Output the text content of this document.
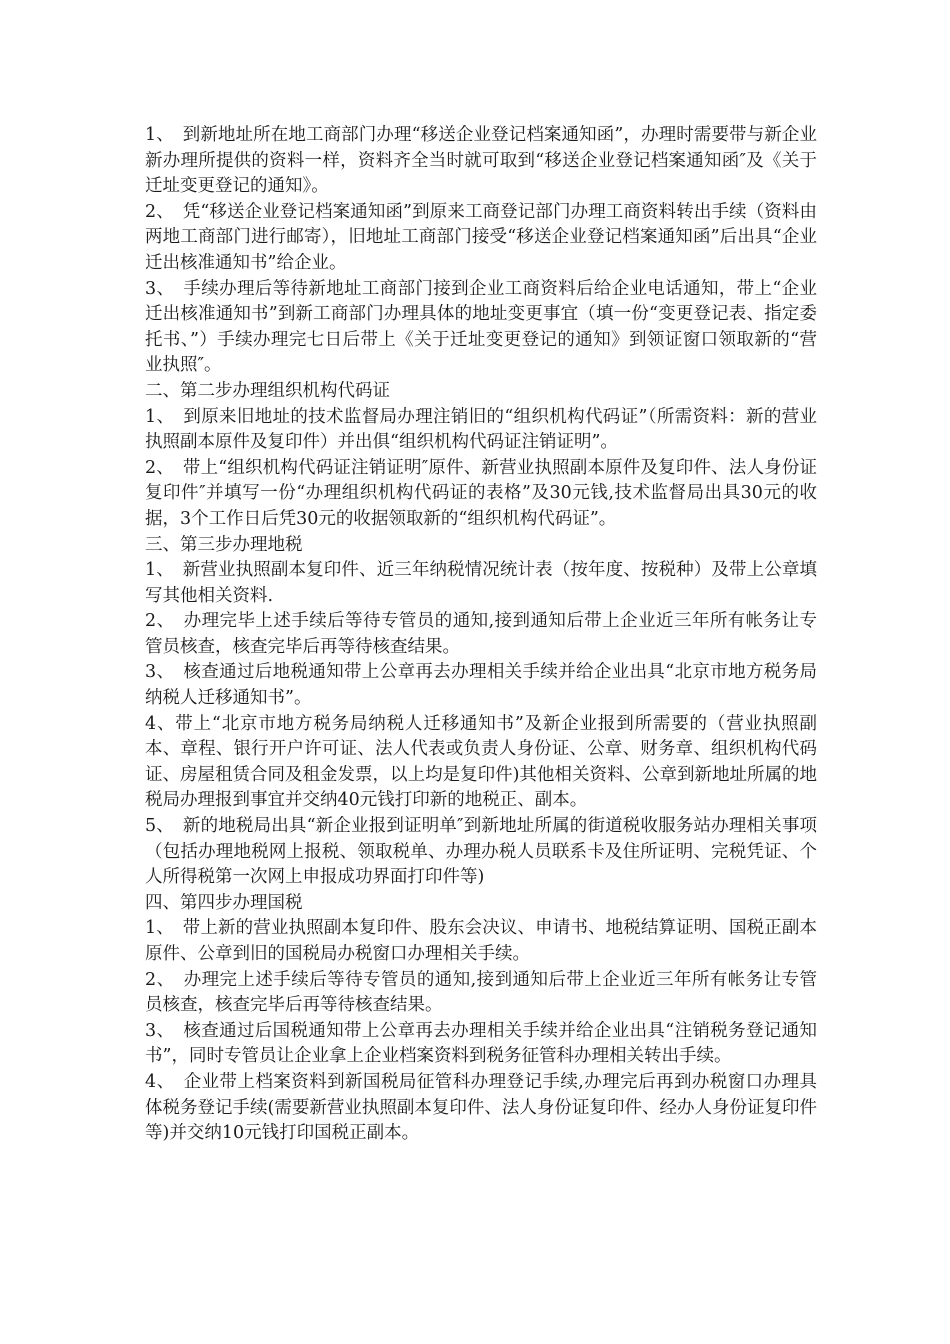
1、　到新地址所在地工商部门办理“移送企业登记档案通知函”，办理时需要带与新企业新办理所提供的资料一样，资料齐全当时就可取到“移送企业登记档案通知函″及《关于迁址变更登记的通知》。

2、　凭“移送企业登记档案通知函”到原来工商登记部门办理工商资料转出手续（资料由两地工商部门进行邮寄），旧地址工商部门接受“移送企业登记档案通知函”后出具“企业迁出核准通知书”给企业。

3、　手续办理后等待新地址工商部门接到企业工商资料后给企业电话通知，带上“企业迁出核准通知书”到新工商部门办理具体的地址变更事宜（填一份“变更登记表、指定委托书、”）手续办理完七日后带上《关于迁址变更登记的通知》到领证窗口领取新的“营业执照″。

二、第二步办理组织机构代码证

1、　到原来旧地址的技术监督局办理注销旧的“组织机构代码证”（所需资料：新的营业执照副本原件及复印件）并出俱“组织机构代码证注销证明”。

2、　带上“组织机构代码证注销证明″原件、新营业执照副本原件及复印件、法人身份证复印件″并填写一份“办理组织机构代码证的表格”及30元钱,技术监督局出具30元的收据，3个工作日后凭30元的收据领取新的“组织机构代码证”。

三、第三步办理地税

1、　新营业执照副本复印件、近三年纳税情况统计表（按年度、按税种）及带上公章填写其他相关资料.

2、　办理完毕上述手续后等待专管员的通知,接到通知后带上企业近三年所有帐务让专管员核查，核查完毕后再等待核查结果。

3、　核查通过后地税通知带上公章再去办理相关手续并给企业出具“北京市地方税务局纳税人迁移通知书”。

4、带上“北京市地方税务局纳税人迁移通知书”及新企业报到所需要的（营业执照副本、章程、银行开户许可证、法人代表或负责人身份证、公章、财务章、组织机构代码证、房屋租赁合同及租金发票，以上均是复印件)其他相关资料、公章到新地址所属的地税局办理报到事宜并交纳40元钱打印新的地税正、副本。

5、　新的地税局出具“新企业报到证明单″到新地址所属的街道税收服务站办理相关事项（包括办理地税网上报税、领取税单、办理办税人员联系卡及住所证明、完税凭证、个人所得税第一次网上申报成功界面打印件等)

四、第四步办理国税

1、　带上新的营业执照副本复印件、股东会决议、申请书、地税结算证明、国税正副本原件、公章到旧的国税局办税窗口办理相关手续。

2、　办理完上述手续后等待专管员的通知,接到通知后带上企业近三年所有帐务让专管员核查，核查完毕后再等待核查结果。

3、　核查通过后国税通知带上公章再去办理相关手续并给企业出具“注销税务登记通知书”，同时专管员让企业拿上企业档案资料到税务征管科办理相关转出手续。

4、　企业带上档案资料到新国税局征管科办理登记手续,办理完后再到办税窗口办理具体税务登记手续(需要新营业执照副本复印件、法人身份证复印件、经办人身份证复印件等)并交纳10元钱打印国税正副本。
